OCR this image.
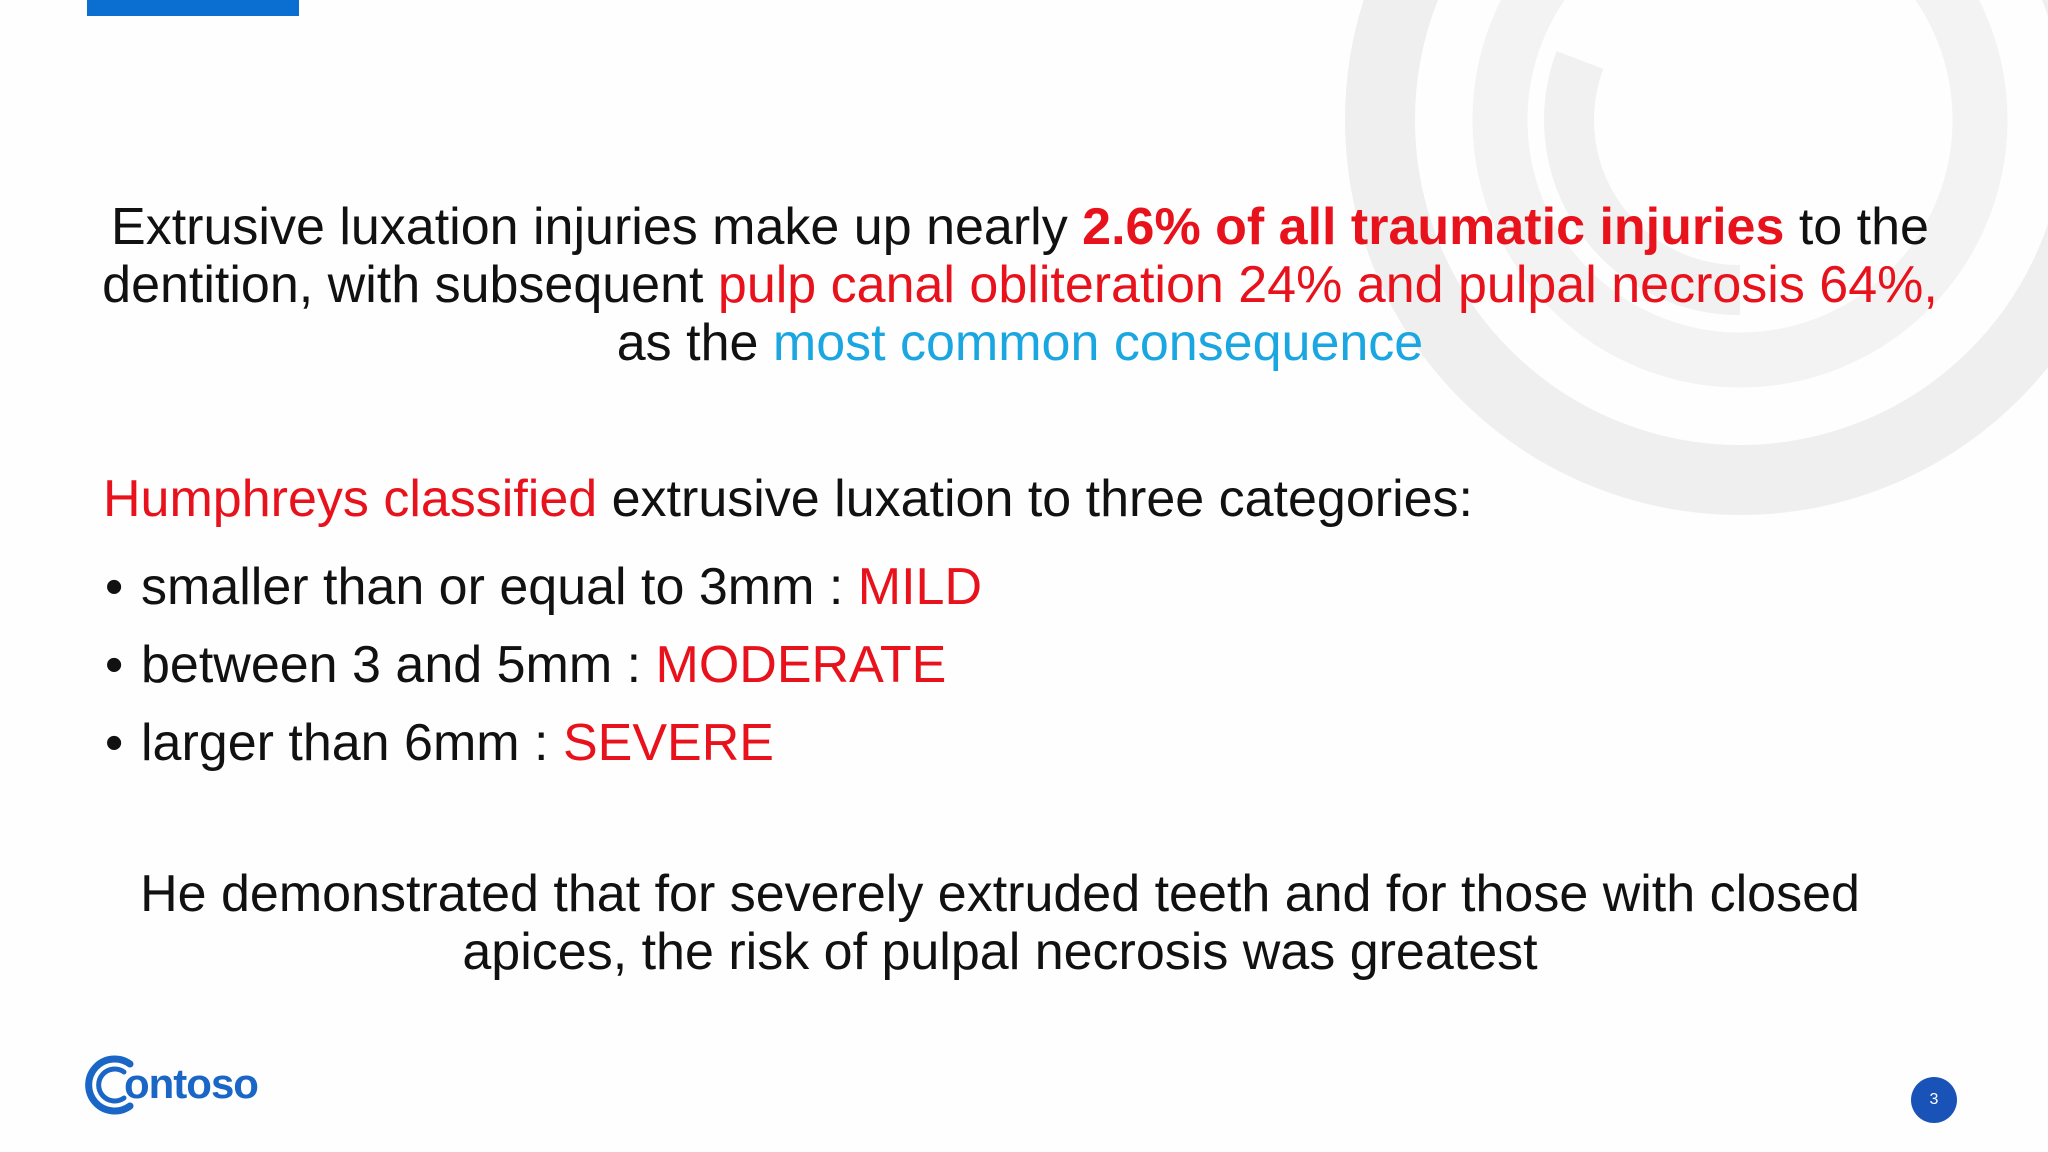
Extrusive luxation injuries make up nearly 2.6% of all traumatic injuries to the dentition, with subsequent pulp canal obliteration 24% and pulpal necrosis 64%, as the most common consequence
Humphreys classified extrusive luxation to three categories:
• smaller than or equal to 3mm : MILD
• between 3 and 5mm : MODERATE
• larger than 6mm : SEVERE
He demonstrated that for severely extruded teeth and for those with closed apices, the risk of pulpal necrosis was greatest
ontoso	3
